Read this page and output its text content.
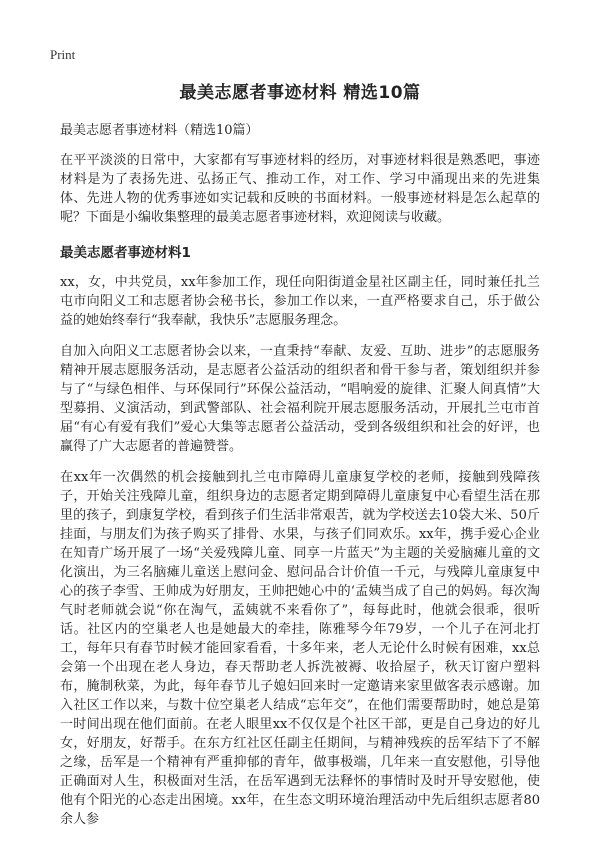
Print
最美志愿者事迹材料 精选10篇
最美志愿者事迹材料（精选10篇）

在平平淡淡的日常中，大家都有写事迹材料的经历，对事迹材料很是熟悉吧，事迹材料是为了表扬先进、弘扬正气、推动工作，对工作、学习中涌现出来的先进集体、先进人物的优秀事迹如实记载和反映的书面材料。一般事迹材料是怎么起草的呢？下面是小编收集整理的最美志愿者事迹材料，欢迎阅读与收藏。

最美志愿者事迹材料1

xx，女，中共党员，xx年参加工作，现任向阳街道金星社区副主任，同时兼任扎兰屯市向阳义工和志愿者协会秘书长，参加工作以来，一直严格要求自己，乐于做公益的她始终奉行“我奉献，我快乐”志愿服务理念。

自加入向阳义工志愿者协会以来，一直秉持“奉献、友爱、互助、进步”的志愿服务精神开展志愿服务活动，是志愿者公益活动的组织者和骨干参与者，策划组织并参与了“与绿色相伴、与环保同行”环保公益活动，“唱响爱的旋律、汇聚人间真情”大型募捐、义演活动，到武警部队、社会福利院开展志愿服务活动，开展扎兰屯市首届“有心有爱有我们”爱心大集等志愿者公益活动，受到各级组织和社会的好评，也赢得了广大志愿者的普遍赞誉。

在xx年一次偶然的机会接触到扎兰屯市障碍儿童康复学校的老师，接触到残障孩子，开始关注残障儿童，组织身边的志愿者定期到障碍儿童康复中心看望生活在那里的孩子，到康复学校，看到孩子们生活非常艰苦，就为学校送去10袋大米、50斤挂面，与朋友们为孩子购买了排骨、水果，与孩子们同欢乐。xx年，携手爱心企业在知青广场开展了一场“关爱残障儿童、同享一片蓝天”为主题的关爱脑瘫儿童的文化演出，为三名脑瘫儿童送上慰问金、慰问品合计价值一千元，与残障儿童康复中心的孩子李雪、王帅成为好朋友，王帅把她心中的‘孟姨当成了自己的妈妈。每次淘气时老师就会说“你在淘气，孟姨就不来看你了”，每每此时，他就会很乖，很听话。社区内的空巢老人也是她最大的牵挂，陈雅琴今年79岁，一个儿子在河北打工，每年只有春节时候才能回家看看，十多年来，老人无论什么时候有困难，xx总会第一个出现在老人身边，春天帮助老人拆洗被褥、收拾屋子，秋天订窗户塑料布，腌制秋菜，为此，每年春节儿子媳妇回来时一定邀请来家里做客表示感谢。加入社区工作以来，与数十位空巢老人结成“忘年交”，在他们需要帮助时，她总是第一时间出现在他们面前。在老人眼里xx不仅仅是个社区干部，更是自己身边的好儿女，好朋友，好帮手。在东方红社区任副主任期间，与精神残疾的岳军结下了不解之缘，岳军是一个精神有严重抑郁的青年，做事极端，几年来一直安慰他，引导他正确面对人生，积极面对生活，在岳军遇到无法释怀的事情时及时开导安慰他，使他有个阳光的心态走出困境。xx年，在生态文明环境治理活动中先后组织志愿者80余人参
